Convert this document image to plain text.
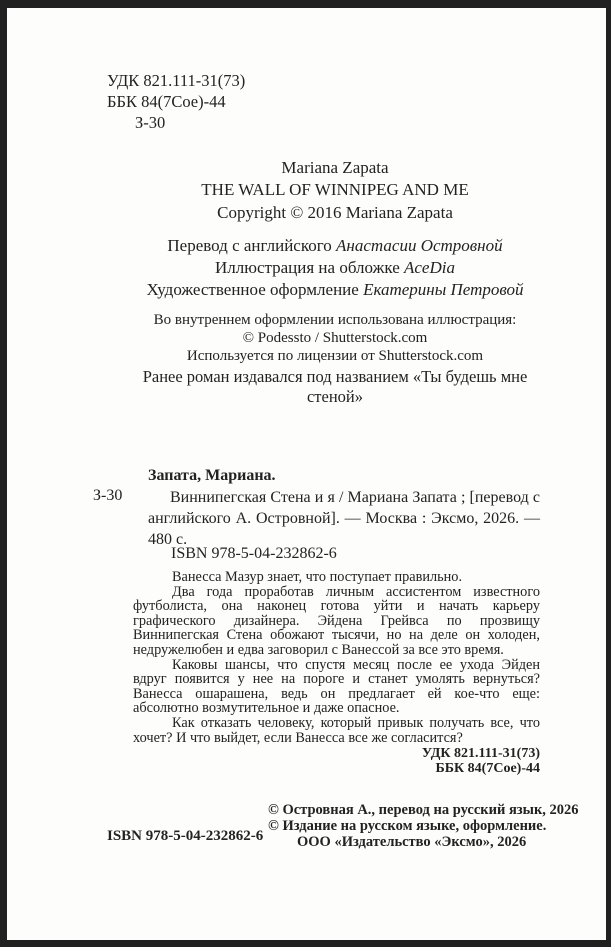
УДК 821.111-31(73)
ББК 84(7Сое)-44
З-30
Mariana Zapata
THE WALL OF WINNIPEG AND ME
Copyright © 2016 Mariana Zapata
Перевод с английского Анастасии Островной
Иллюстрация на обложке AceDia
Художественное оформление Екатерины Петровой
Во внутреннем оформлении использована иллюстрация:
© Podessto / Shutterstock.com
Используется по лицензии от Shutterstock.com
Ранее роман издавался под названием «Ты будешь мне стеной»
Запата, Мариана.
З-30	Виннипегская Стена и я / Мариана Запата ; [перевод с английского А. Островной]. — Москва : Эксмо, 2026. — 480 с.

ISBN 978-5-04-232862-6

Ванесса Мазур знает, что поступает правильно.

Два года проработав личным ассистентом известного футболиста, она наконец готова уйти и начать карьеру графического дизайнера. Эйдена Грейвса по прозвищу Виннипегская Стена обожают тысячи, но на деле он холоден, недружелюбен и едва заговорил с Ванессой за все это время.

Каковы шансы, что спустя месяц после ее ухода Эйден вдруг появится у нее на пороге и станет умолять вернуться? Ванесса ошарашена, ведь он предлагает ей кое-что еще: абсолютно возмутительное и даже опасное.

Как отказать человеку, который привык получать все, что хочет? И что выйдет, если Ванесса все же согласится?

УДК 821.111-31(73)
ББК 84(7Сое)-44
ISBN 978-5-04-232862-6
© Островная А., перевод на русский язык, 2026
© Издание на русском языке, оформление.
ООО «Издательство «Эксмо», 2026
